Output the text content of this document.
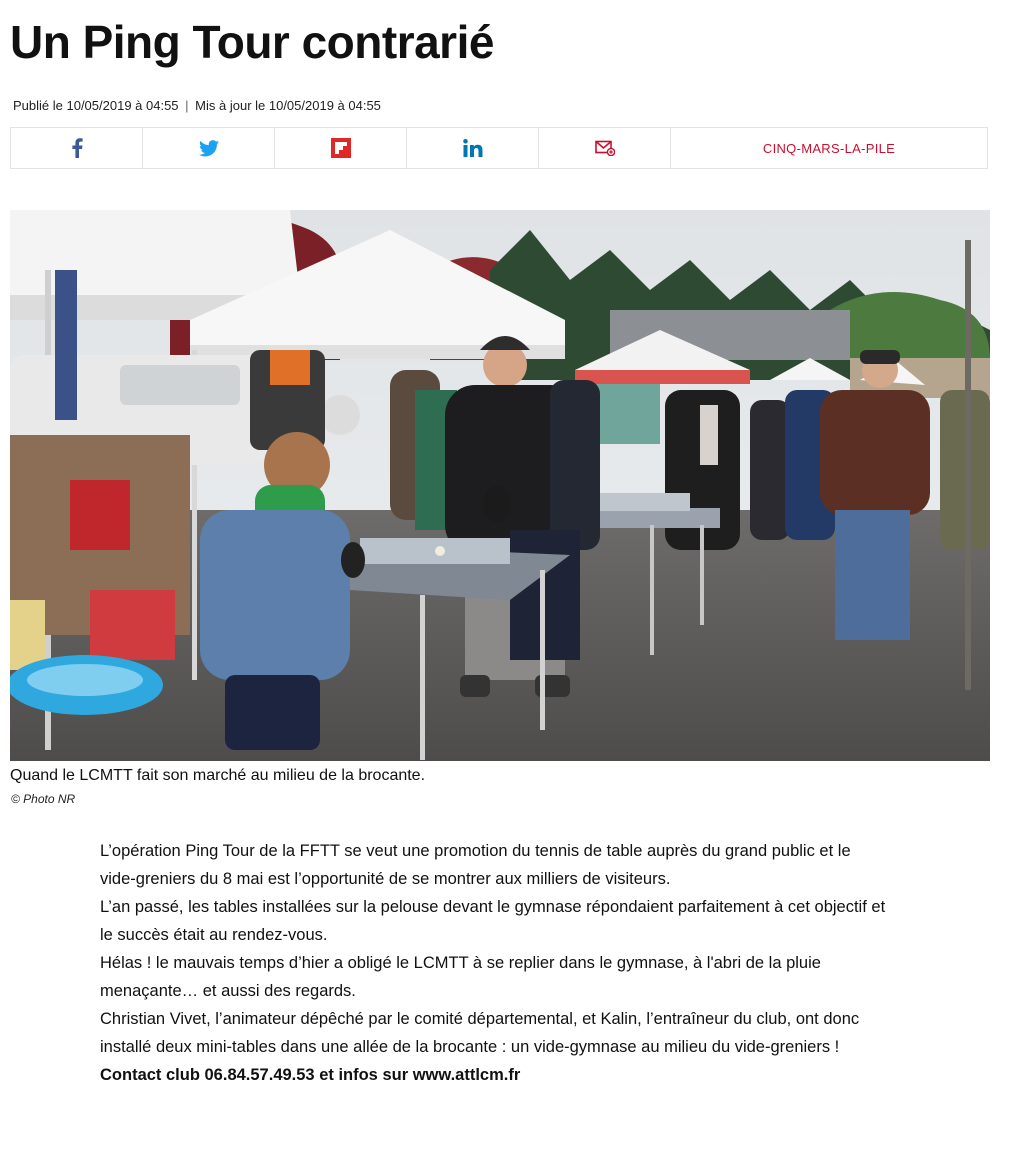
Un Ping Tour contrarié
Publié le 10/05/2019 à 04:55 | Mis à jour le 10/05/2019 à 04:55
CINQ-MARS-LA-PILE
Quand le LCMTT fait son marché au milieu de la brocante.
© Photo NR

L’opération Ping Tour de la FFTT se veut une promotion du tennis de table auprès du grand public et le vide-greniers du 8 mai est l’opportunité de se montrer aux milliers de visiteurs.

L’an passé, les tables installées sur la pelouse devant le gymnase répondaient parfaitement à cet objectif et le succès était au rendez-vous.

Hélas ! le mauvais temps d’hier a obligé le LCMTT à se replier dans le gymnase, à l'abri de la pluie menaçante… et aussi des regards.

Christian Vivet, l’animateur dépêché par le comité départemental, et Kalin, l’entraîneur du club, ont donc installé deux mini-tables dans une allée de la brocante : un vide-gymnase au milieu du vide-greniers !

Contact club 06.84.57.49.53 et infos sur www.attlcm.fr
